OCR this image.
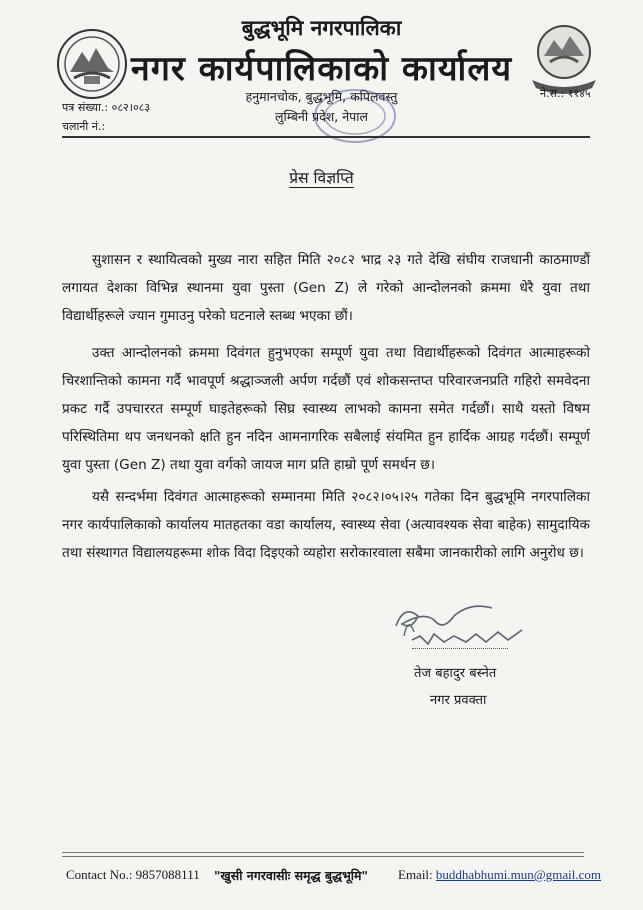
बुद्धभूमि नगरपालिका
नगर कार्यपालिकाको कार्यालय
हनुमानचोक, बुद्धभूमि, कपिलवस्तु
लुम्बिनी प्रदेश, नेपाल
पत्र संख्या.: ०८२।०८३
चलानी नं.:
ने.स.: ११४५
प्रेस विज्ञप्ति

सुशासन र स्थायित्वको मुख्य नारा सहित मिति २०८२ भाद्र २३ गते देखि संघीय राजधानी काठमाण्डौं लगायत देशका विभिन्न स्थानमा युवा पुस्ता (Gen Z) ले गरेको आन्दोलनको क्रममा धेरै युवा तथा विद्यार्थीहरूले ज्यान गुमाउनु परेको घटनाले स्तब्ध भएका छौं।

उक्त आन्दोलनको क्रममा दिवंगत हुनुभएका सम्पूर्ण युवा तथा विद्यार्थीहरूको दिवंगत आत्माहरूको चिरशान्तिको कामना गर्दै भावपूर्ण श्रद्धाञ्जली अर्पण गर्दछौं एवं शोकसन्तप्त परिवारजनप्रति गहिरो समवेदना प्रकट गर्दै उपचाररत सम्पूर्ण घाइतेहरूको सिघ्र स्वास्थ्य लाभको कामना समेत गर्दछौं। साथै यस्तो विषम परिस्थितिमा थप जनधनको क्षति हुन नदिन आमनागरिक सबैलाई संयमित हुन हार्दिक आग्रह गर्दछौं। सम्पूर्ण युवा पुस्ता (Gen Z) तथा युवा वर्गको जायज माग प्रति हाम्रो पूर्ण समर्थन छ।

यसै सन्दर्भमा दिवंगत आत्माहरूको सम्मानमा मिति २०८२।०५।२५ गतेका दिन बुद्धभूमि नगरपालिका नगर कार्यपालिकाको कार्यालय मातहतका वडा कार्यालय, स्वास्थ्य सेवा (अत्यावश्यक सेवा बाहेक) सामुदायिक तथा संस्थागत विद्यालयहरूमा शोक विदा दिइएको व्यहोरा सरोकारवाला सबैमा जानकारीको लागि अनुरोध छ।

तेज बहादुर बस्नेत
नगर प्रवक्ता
Contact No.: 9857088111 "खुसी नगरवासीः समृद्ध बुद्धभूमि" Email: buddhabhumi.mun@gmail.com
